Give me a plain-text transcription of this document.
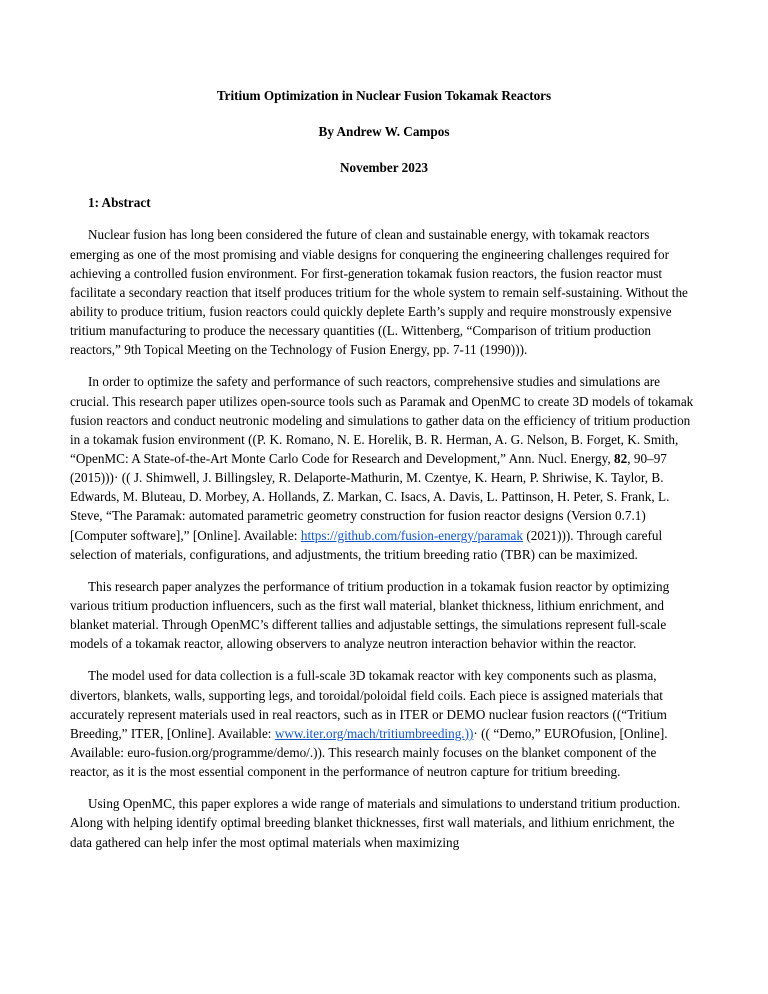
Tritium Optimization in Nuclear Fusion Tokamak Reactors
By Andrew W. Campos
November 2023
1: Abstract

Nuclear fusion has long been considered the future of clean and sustainable energy, with tokamak reactors emerging as one of the most promising and viable designs for conquering the engineering challenges required for achieving a controlled fusion environment. For first-generation tokamak fusion reactors, the fusion reactor must facilitate a secondary reaction that itself produces tritium for the whole system to remain self-sustaining. Without the ability to produce tritium, fusion reactors could quickly deplete Earth’s supply and require monstrously expensive tritium manufacturing to produce the necessary quantities ((L. Wittenberg, “Comparison of tritium production reactors,” 9th Topical Meeting on the Technology of Fusion Energy, pp. 7-11 (1990))).

In order to optimize the safety and performance of such reactors, comprehensive studies and simulations are crucial. This research paper utilizes open-source tools such as Paramak and OpenMC to create 3D models of tokamak fusion reactors and conduct neutronic modeling and simulations to gather data on the efficiency of tritium production in a tokamak fusion environment ((P. K. Romano, N. E. Horelik, B. R. Herman, A. G. Nelson, B. Forget, K. Smith, “OpenMC: A State-of-the-Art Monte Carlo Code for Research and Development,” Ann. Nucl. Energy, 82, 90–97 (2015)))· (( J. Shimwell, J. Billingsley, R. Delaporte-Mathurin, M. Czentye, K. Hearn, P. Shriwise, K. Taylor, B. Edwards, M. Bluteau, D. Morbey, A. Hollands, Z. Markan, C. Isacs, A. Davis, L. Pattinson, H. Peter, S. Frank, L. Steve, “The Paramak: automated parametric geometry construction for fusion reactor designs (Version 0.7.1) [Computer software],” [Online]. Available: https://github.com/fusion-energy/paramak (2021))). Through careful selection of materials, configurations, and adjustments, the tritium breeding ratio (TBR) can be maximized.

This research paper analyzes the performance of tritium production in a tokamak fusion reactor by optimizing various tritium production influencers, such as the first wall material, blanket thickness, lithium enrichment, and blanket material. Through OpenMC’s different tallies and adjustable settings, the simulations represent full-scale models of a tokamak reactor, allowing observers to analyze neutron interaction behavior within the reactor.

The model used for data collection is a full-scale 3D tokamak reactor with key components such as plasma, divertors, blankets, walls, supporting legs, and toroidal/poloidal field coils. Each piece is assigned materials that accurately represent materials used in real reactors, such as in ITER or DEMO nuclear fusion reactors ((“Tritium Breeding,” ITER, [Online]. Available: www.iter.org/mach/tritiumbreeding.))· (( “Demo,” EUROfusion, [Online]. Available: euro-fusion.org/programme/demo/.)). This research mainly focuses on the blanket component of the reactor, as it is the most essential component in the performance of neutron capture for tritium breeding.

Using OpenMC, this paper explores a wide range of materials and simulations to understand tritium production. Along with helping identify optimal breeding blanket thicknesses, first wall materials, and lithium enrichment, the data gathered can help infer the most optimal materials when maximizing
